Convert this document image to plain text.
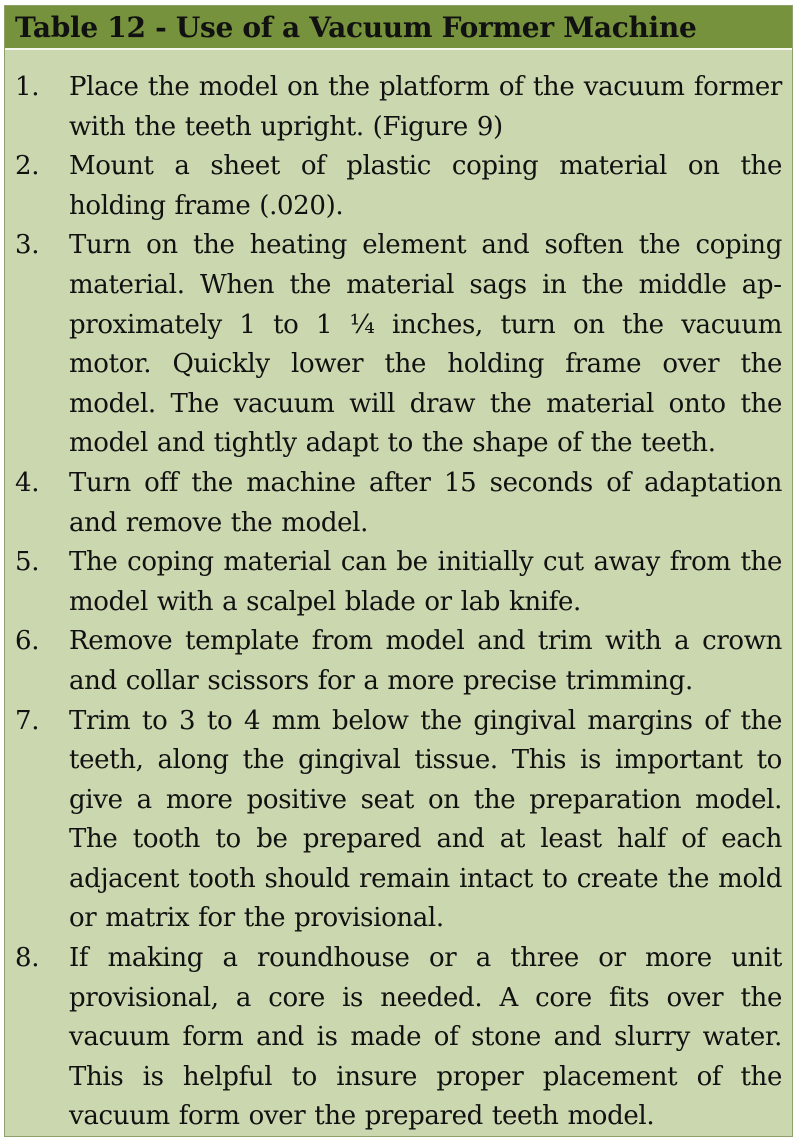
Table 12 - Use of a Vacuum Former Machine
1.	Place the model on the platform of the vacuum former with the teeth upright. (Figure 9)
2.	Mount a sheet of plastic coping material on the holding frame (.020).
3.	Turn on the heating element and soften the coping material. When the material sags in the middle approximately 1 to 1 ¼ inches, turn on the vacuum motor. Quickly lower the holding frame over the model. The vacuum will draw the material onto the model and tightly adapt to the shape of the teeth.
4.	Turn off the machine after 15 seconds of adaptation and remove the model.
5.	The coping material can be initially cut away from the model with a scalpel blade or lab knife.
6.	Remove template from model and trim with a crown and collar scissors for a more precise trimming.
7.	Trim to 3 to 4 mm below the gingival margins of the teeth, along the gingival tissue. This is important to give a more positive seat on the preparation model. The tooth to be prepared and at least half of each adjacent tooth should remain intact to create the mold or matrix for the provisional.
8.	If making a roundhouse or a three or more unit provisional, a core is needed. A core fits over the vacuum form and is made of stone and slurry water. This is helpful to insure proper placement of the vacuum form over the prepared teeth model.
